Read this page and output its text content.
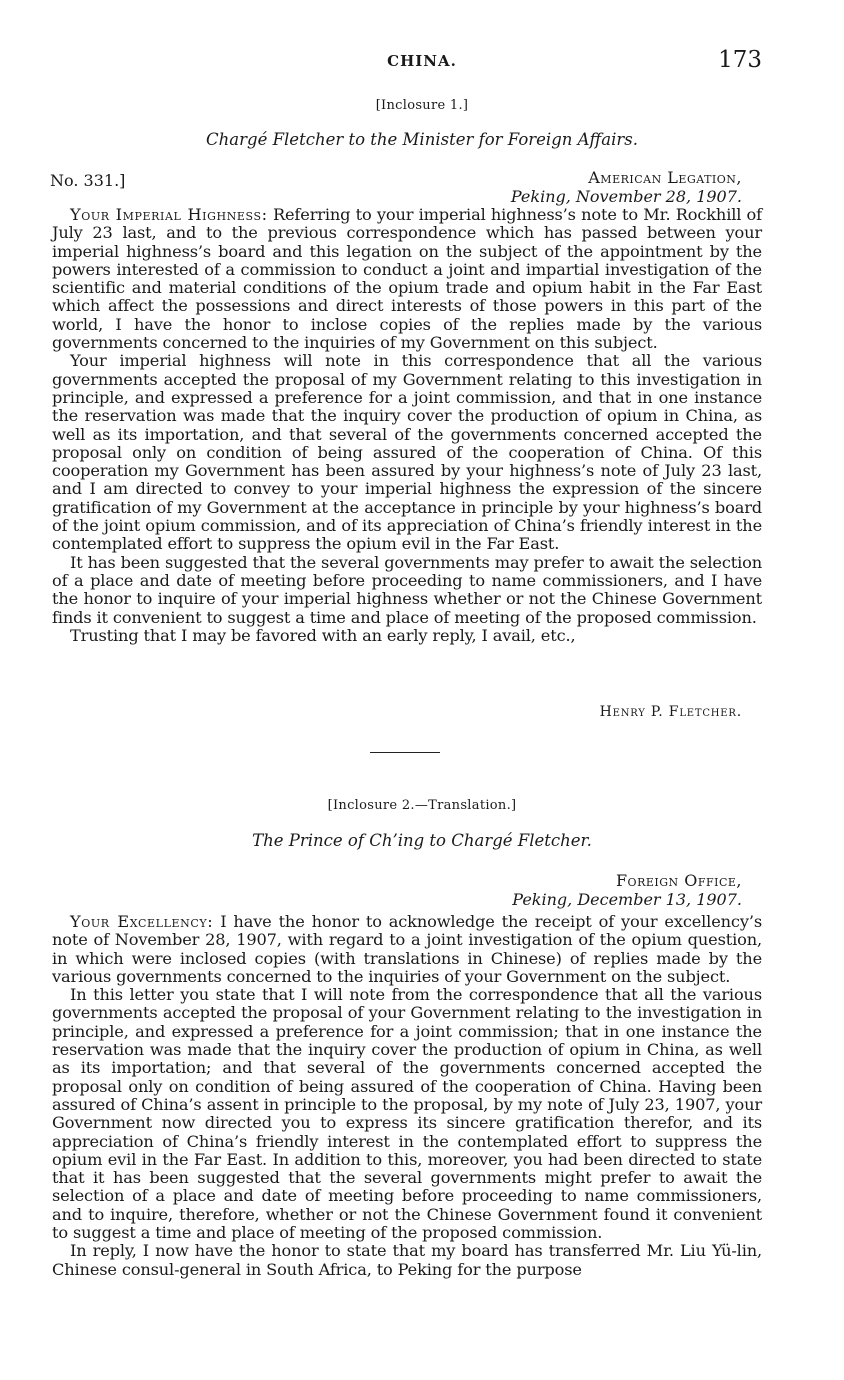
CHINA.	173
[Inclosure 1.]
Chargé Fletcher to the Minister for Foreign Affairs.
No. 331.]	American Legation,
Peking, November 28, 1907.

Your Imperial Highness: Referring to your imperial highness’s note to Mr. Rockhill of July 23 last, and to the previous correspondence which has passed between your imperial highness’s board and this legation on the subject of the appointment by the powers interested of a commission to conduct a joint and impartial investigation of the scientific and material conditions of the opium trade and opium habit in the Far East which affect the possessions and direct interests of those powers in this part of the world, I have the honor to inclose copies of the replies made by the various governments concerned to the inquiries of my Government on this subject.

Your imperial highness will note in this correspondence that all the various governments accepted the proposal of my Government relating to this investigation in principle, and expressed a preference for a joint commission, and that in one instance the reservation was made that the inquiry cover the production of opium in China, as well as its importation, and that several of the governments concerned accepted the proposal only on condition of being assured of the cooperation of China. Of this cooperation my Government has been assured by your highness’s note of July 23 last, and I am directed to convey to your imperial highness the expression of the sincere gratification of my Government at the acceptance in principle by your highness’s board of the joint opium commission, and of its appreciation of China’s friendly interest in the contemplated effort to suppress the opium evil in the Far East.

It has been suggested that the several governments may prefer to await the selection of a place and date of meeting before proceeding to name commissioners, and I have the honor to inquire of your imperial highness whether or not the Chinese Government finds it convenient to suggest a time and place of meeting of the proposed commission.

Trusting that I may be favored with an early reply, I avail, etc.,

Henry P. Fletcher.
[Inclosure 2.—Translation.]
The Prince of Ch’ing to Chargé Fletcher.
Foreign Office,
Peking, December 13, 1907.

Your Excellency: I have the honor to acknowledge the receipt of your excellency’s note of November 28, 1907, with regard to a joint investigation of the opium question, in which were inclosed copies (with translations in Chinese) of replies made by the various governments concerned to the inquiries of your Government on the subject.

In this letter you state that I will note from the correspondence that all the various governments accepted the proposal of your Government relating to the investigation in principle, and expressed a preference for a joint commission; that in one instance the reservation was made that the inquiry cover the production of opium in China, as well as its importation; and that several of the governments concerned accepted the proposal only on condition of being assured of the cooperation of China. Having been assured of China’s assent in principle to the proposal, by my note of July 23, 1907, your Government now directed you to express its sincere gratification therefor, and its appreciation of China’s friendly interest in the contemplated effort to suppress the opium evil in the Far East. In addition to this, moreover, you had been directed to state that it has been suggested that the several governments might prefer to await the selection of a place and date of meeting before proceeding to name commissioners, and to inquire, therefore, whether or not the Chinese Government found it convenient to suggest a time and place of meeting of the proposed commission.

In reply, I now have the honor to state that my board has transferred Mr. Liu Yü-lin, Chinese consul-general in South Africa, to Peking for the purpose
